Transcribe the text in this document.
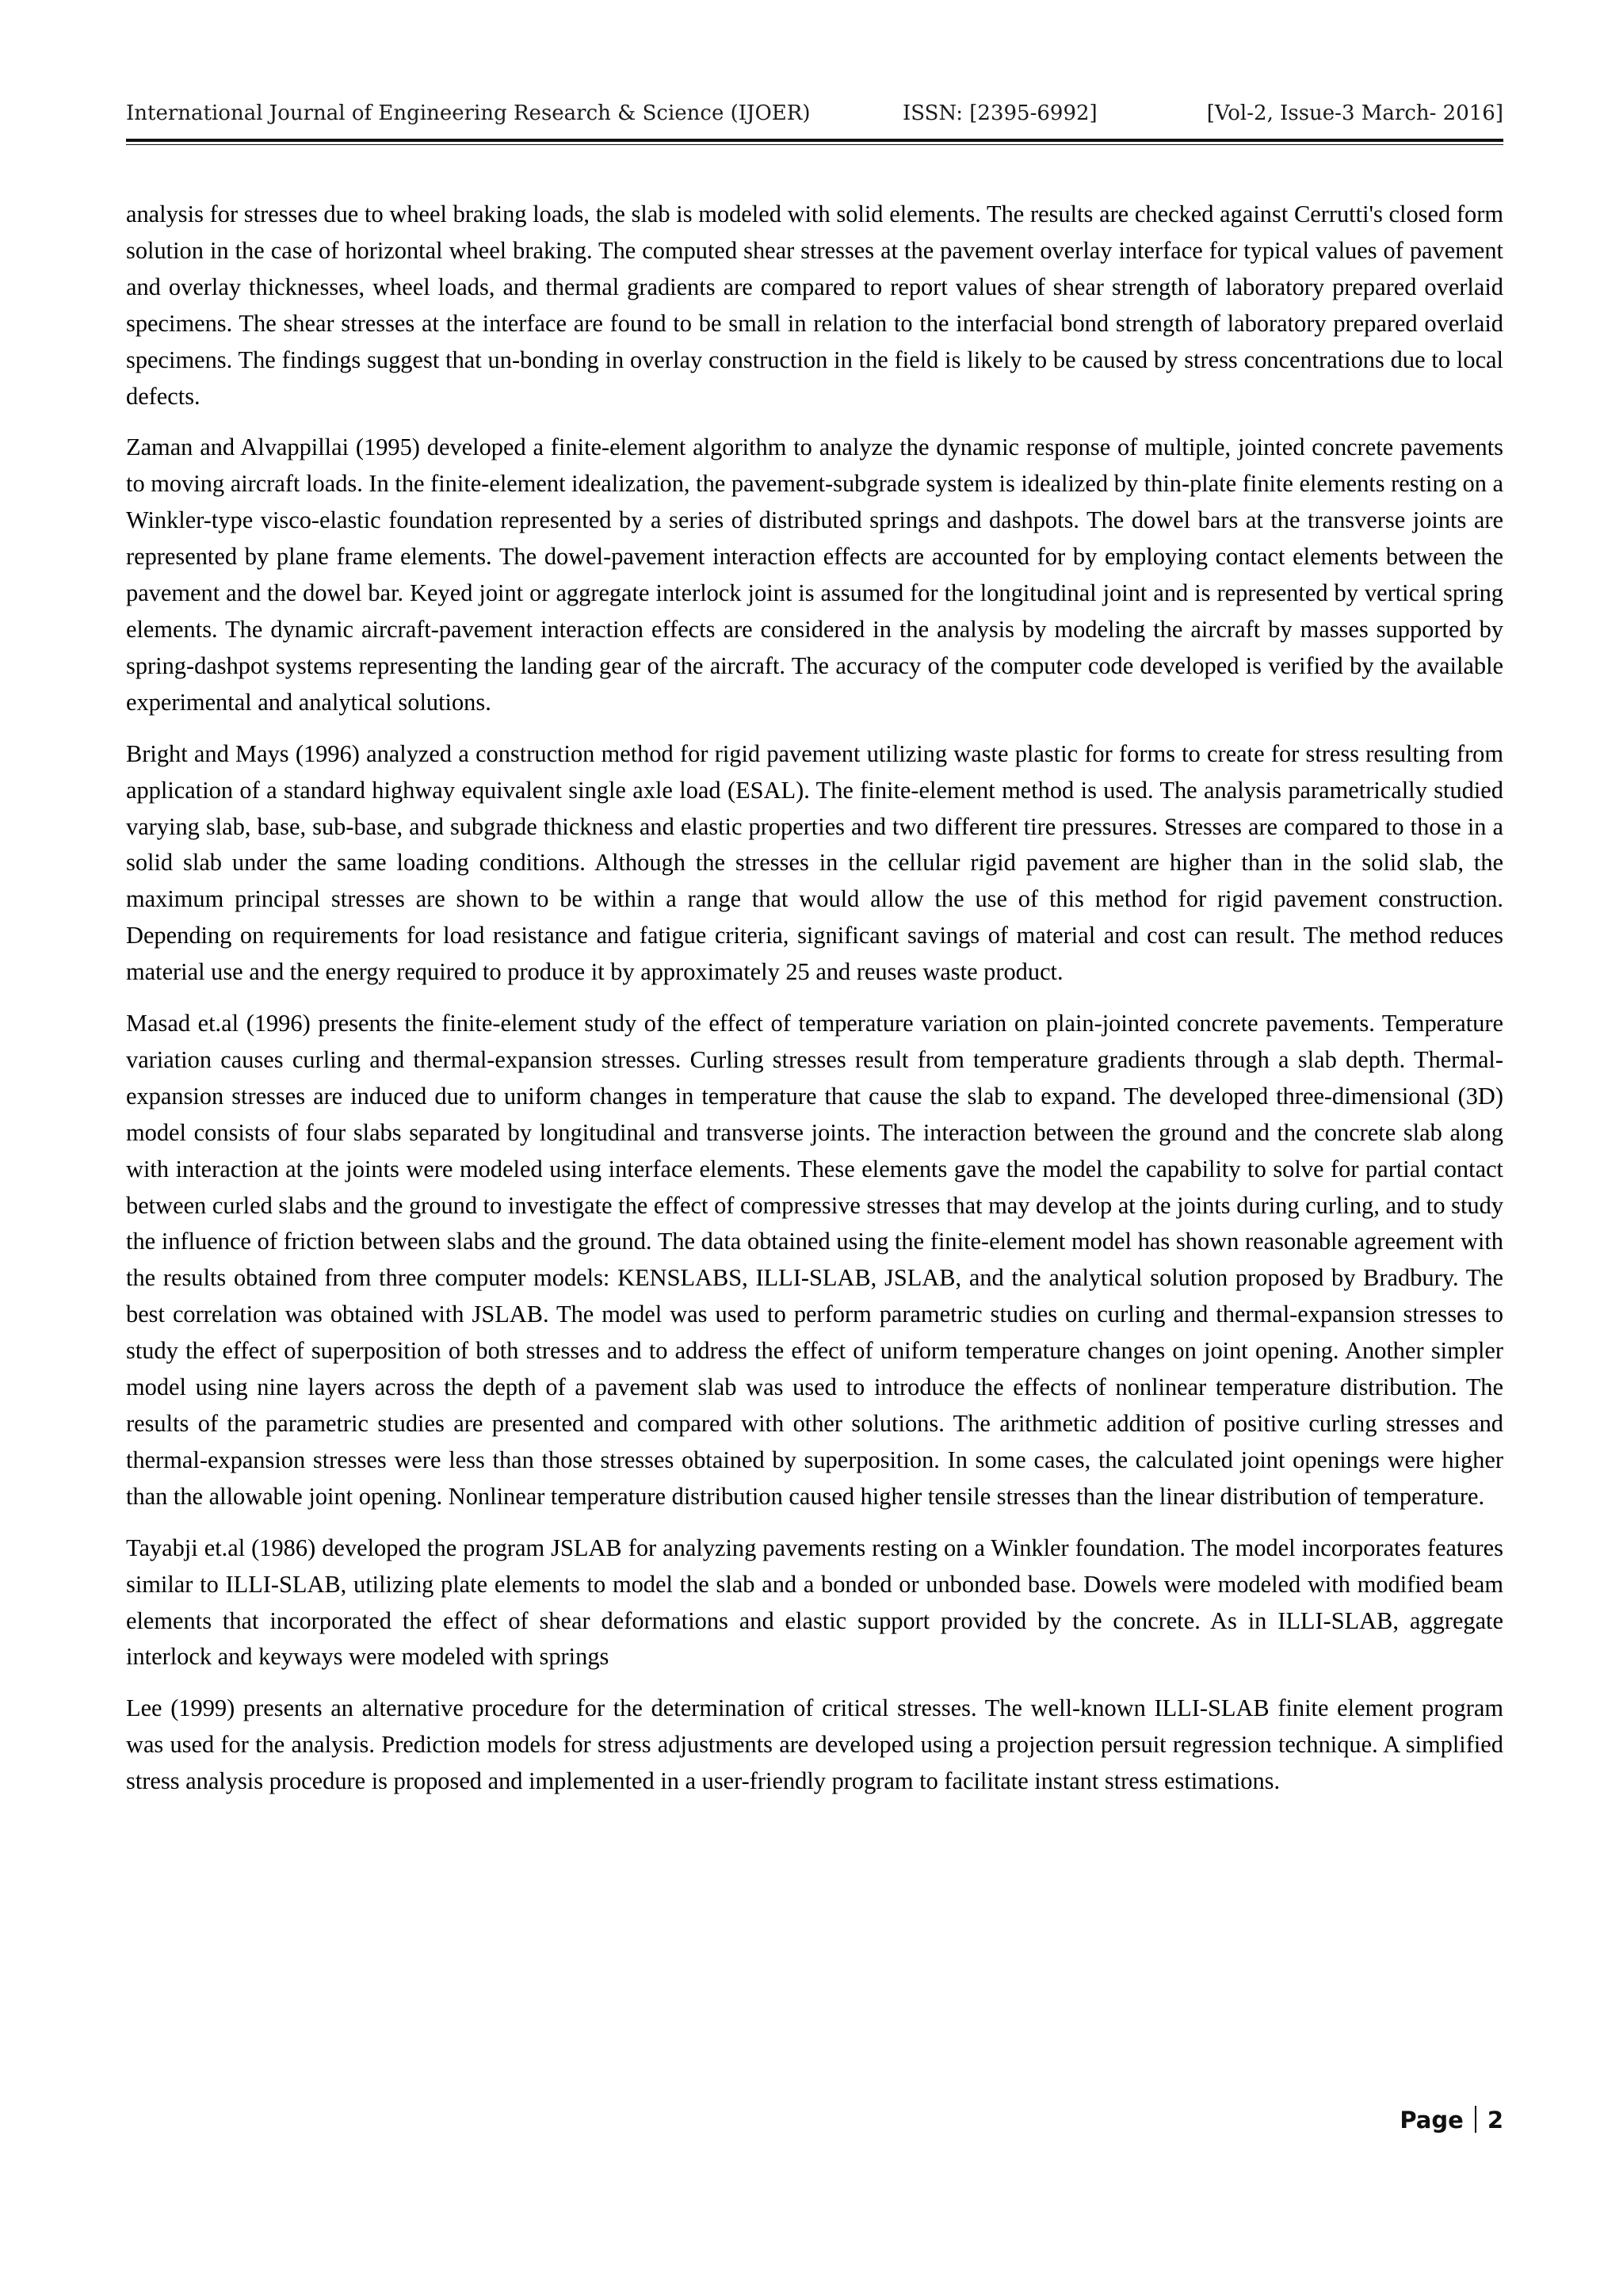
International Journal of Engineering Research & Science (IJOER)	ISSN: [2395-6992]	[Vol-2, Issue-3 March- 2016]

analysis for stresses due to wheel braking loads, the slab is modeled with solid elements. The results are checked against Cerrutti's closed form solution in the case of horizontal wheel braking. The computed shear stresses at the pavement overlay interface for typical values of pavement and overlay thicknesses, wheel loads, and thermal gradients are compared to report values of shear strength of laboratory prepared overlaid specimens. The shear stresses at the interface are found to be small in relation to the interfacial bond strength of laboratory prepared overlaid specimens. The findings suggest that un-bonding in overlay construction in the field is likely to be caused by stress concentrations due to local defects.

Zaman and Alvappillai (1995) developed a finite-element algorithm to analyze the dynamic response of multiple, jointed concrete pavements to moving aircraft loads. In the finite-element idealization, the pavement-subgrade system is idealized by thin-plate finite elements resting on a Winkler-type visco-elastic foundation represented by a series of distributed springs and dashpots. The dowel bars at the transverse joints are represented by plane frame elements. The dowel-pavement interaction effects are accounted for by employing contact elements between the pavement and the dowel bar. Keyed joint or aggregate interlock joint is assumed for the longitudinal joint and is represented by vertical spring elements. The dynamic aircraft-pavement interaction effects are considered in the analysis by modeling the aircraft by masses supported by spring-dashpot systems representing the landing gear of the aircraft. The accuracy of the computer code developed is verified by the available experimental and analytical solutions.

Bright and Mays (1996) analyzed a construction method for rigid pavement utilizing waste plastic for forms to create for stress resulting from application of a standard highway equivalent single axle load (ESAL). The finite-element method is used. The analysis parametrically studied varying slab, base, sub-base, and subgrade thickness and elastic properties and two different tire pressures. Stresses are compared to those in a solid slab under the same loading conditions. Although the stresses in the cellular rigid pavement are higher than in the solid slab, the maximum principal stresses are shown to be within a range that would allow the use of this method for rigid pavement construction. Depending on requirements for load resistance and fatigue criteria, significant savings of material and cost can result. The method reduces material use and the energy required to produce it by approximately 25 and reuses waste product.

Masad et.al (1996) presents the finite-element study of the effect of temperature variation on plain-jointed concrete pavements. Temperature variation causes curling and thermal-expansion stresses. Curling stresses result from temperature gradients through a slab depth. Thermal-expansion stresses are induced due to uniform changes in temperature that cause the slab to expand. The developed three-dimensional (3D) model consists of four slabs separated by longitudinal and transverse joints. The interaction between the ground and the concrete slab along with interaction at the joints were modeled using interface elements. These elements gave the model the capability to solve for partial contact between curled slabs and the ground to investigate the effect of compressive stresses that may develop at the joints during curling, and to study the influence of friction between slabs and the ground. The data obtained using the finite-element model has shown reasonable agreement with the results obtained from three computer models: KENSLABS, ILLI-SLAB, JSLAB, and the analytical solution proposed by Bradbury. The best correlation was obtained with JSLAB. The model was used to perform parametric studies on curling and thermal-expansion stresses to study the effect of superposition of both stresses and to address the effect of uniform temperature changes on joint opening. Another simpler model using nine layers across the depth of a pavement slab was used to introduce the effects of nonlinear temperature distribution. The results of the parametric studies are presented and compared with other solutions. The arithmetic addition of positive curling stresses and thermal-expansion stresses were less than those stresses obtained by superposition. In some cases, the calculated joint openings were higher than the allowable joint opening. Nonlinear temperature distribution caused higher tensile stresses than the linear distribution of temperature.

Tayabji et.al (1986) developed the program JSLAB for analyzing pavements resting on a Winkler foundation. The model incorporates features similar to ILLI-SLAB, utilizing plate elements to model the slab and a bonded or unbonded base. Dowels were modeled with modified beam elements that incorporated the effect of shear deformations and elastic support provided by the concrete. As in ILLI-SLAB, aggregate interlock and keyways were modeled with springs

Lee (1999) presents an alternative procedure for the determination of critical stresses. The well-known ILLI-SLAB finite element program was used for the analysis. Prediction models for stress adjustments are developed using a projection persuit regression technique. A simplified stress analysis procedure is proposed and implemented in a user-friendly program to facilitate instant stress estimations.

Page 2
